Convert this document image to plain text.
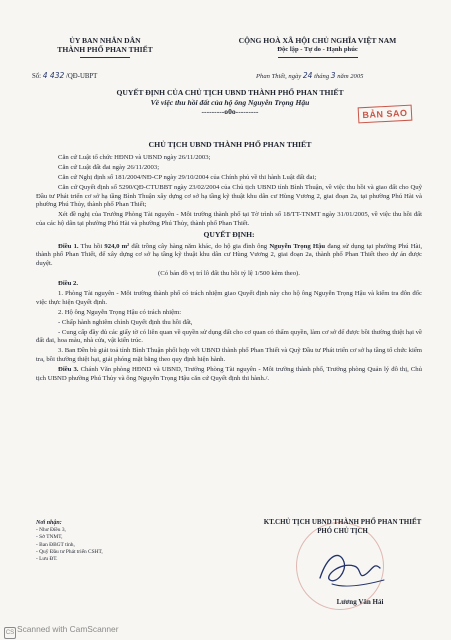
ỦY BAN NHÂN DÂN
THÀNH PHỐ PHAN THIẾT
CỘNG HOÀ XÃ HỘI CHỦ NGHĨA VIỆT NAM
Độc lập - Tự do - Hạnh phúc
Số: 4 432 /QĐ-UBPT	Phan Thiết, ngày 24 tháng 3 năm 2005
QUYẾT ĐỊNH CỦA CHỦ TỊCH UBND THÀNH PHỐ PHAN THIẾT
Về việc thu hồi đất của hộ ông Nguyễn Trọng Hậu
---------o0o---------	BẢN SAO
CHỦ TỊCH UBND THÀNH PHỐ PHAN THIẾT

Căn cứ Luật tổ chức HĐND và UBND ngày 26/11/2003;

Căn cứ Luật đất đai ngày 26/11/2003;

Căn cứ Nghị định số 181/2004/NĐ-CP ngày 29/10/2004 của Chính phủ về thi hành Luật đất đai;

Căn cứ Quyết định số 5290/QĐ-CTUBBT ngày 23/02/2004 của Chủ tịch UBND tỉnh Bình Thuận, về việc thu hồi và giao đất cho Quỹ Đầu tư Phát triển cơ sở hạ tầng Bình Thuận xây dựng cơ sở hạ tầng kỹ thuật khu dân cư Hùng Vương 2, giai đoạn 2a, tại phường Phú Hài và phường Phú Thủy, thành phố Phan Thiết;

Xét đề nghị của Trưởng Phòng Tài nguyên - Môi trường thành phố tại Tờ trình số 18/TT-TNMT ngày 31/01/2005, về việc thu hồi đất của các hộ dân tại phường Phú Hài và phường Phú Thủy, thành phố Phan Thiết.

QUYẾT ĐỊNH:

Điều 1. Thu hồi 924,0 m² đất trồng cây hàng năm khác, do hộ gia đình ông Nguyễn Trọng Hậu đang sử dụng tại phường Phú Hài, thành phố Phan Thiết, để xây dựng cơ sở hạ tầng kỹ thuật khu dân cư Hùng Vương 2, giai đoạn 2a, thành phố Phan Thiết theo dự án được duyệt.

(Có bản đồ vị trí lô đất thu hồi tỷ lệ 1/500 kèm theo).

Điều 2.

1. Phòng Tài nguyên - Môi trường thành phố có trách nhiệm giao Quyết định này cho hộ ông Nguyễn Trọng Hậu và kiểm tra đôn đốc việc thực hiện Quyết định.

2. Hộ ông Nguyễn Trọng Hậu có trách nhiệm:

- Chấp hành nghiêm chỉnh Quyết định thu hồi đất,

- Cung cấp đầy đủ các giấy tờ có liên quan về quyền sử dụng đất cho cơ quan có thẩm quyền, làm cơ sở để được bồi thường thiệt hại về đất đai, hoa màu, nhà cửa, vật kiến trúc.

3. Ban Đền bù giải toả tỉnh Bình Thuận phối hợp với UBND thành phố Phan Thiết và Quỹ Đầu tư Phát triển cơ sở hạ tầng tổ chức kiểm tra, bồi thường thiệt hại, giải phóng mặt bằng theo quy định hiện hành.

Điều 3. Chánh Văn phòng HĐND và UBND, Trưởng Phòng Tài nguyên - Môi trường thành phố, Trưởng phòng Quản lý đô thị, Chủ tịch UBND phường Phú Thủy và ông Nguyễn Trọng Hậu căn cứ Quyết định thi hành./.

Nơi nhận:
- Như Điều 3,
- Sở TNMT,
- Ban ĐBGT tỉnh,
- Quỹ Đầu tư Phát triển CSHT,
- Lưu ĐT.
KT.CHỦ TỊCH UBND THÀNH PHỐ PHAN THIẾT
PHÓ CHỦ TỊCH
Lương Văn Hải
CS Scanned with CamScanner
